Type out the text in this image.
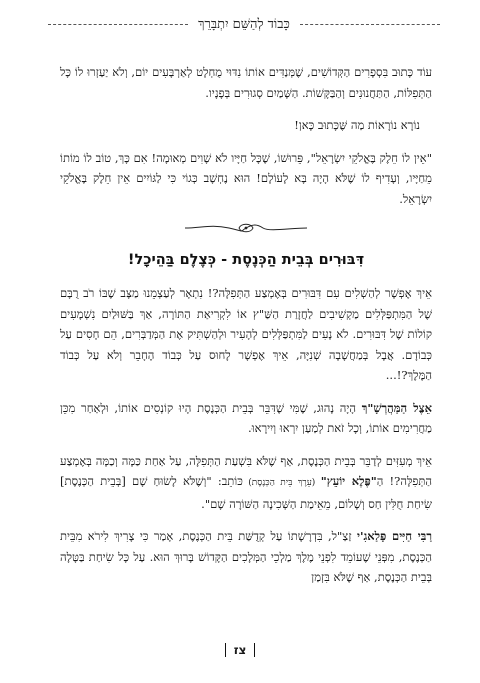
כָּבוֹד לְהַשֵּׁם יִתְבָּרֵךְ

עוֹד כָּתוּב בִּסְפָרִים הַקְּדוֹשִׁים, שֶׁמְּנַדִּים אוֹתוֹ נִדּוּי מֻחְלָט לְאַרְבָּעִים יוֹם, וְלֹא יַעַזְרוּ לוֹ כָּל הַתְּפִלּוֹת, הַתַּחֲנוּנִים וְהַבַּקָּשׁוֹת. הַשָּׁמַיִם סְגוּרִים בְּפָנָיו.

נוֹרָא נוֹרָאוֹת מַה שֶּׁכָּתוּב כָּאן!

"אֵין לוֹ חֵלֶק בֶּאֱלֹקֵי יִשְׂרָאֵל", פֵּרוּשׁוֹ, שֶׁכָּל חַיָּיו לֹא שָׁוִים מְאוּמָה! אִם כָּךְ, טוֹב לוֹ מוֹתוֹ מֵחַיָּיו, וְעָדִיף לוֹ שֶׁלֹּא הָיָה בָּא לָעוֹלָם! הוּא נֶחְשָׁב כְּגוֹי כִּי לַגּוֹיִים אֵין חֵלֶק בֶּאֱלֹקֵי יִשְׂרָאֵל.

דִּבּוּרִים בְּבֵית הַכְּנֶסֶת - כְּצֶלֶם בַּהֵיכָל!

אֵיךְ אֶפְשָׁר לְהַשְׁלִים עִם דִּבּוּרִים בְּאֶמְצַע הַתְּפִלָּה?! נִתְאָר לְעַצְמֵנוּ מַצָּב שֶׁבּוֹ רֹב רֻבָּם שֶׁל הַמִּתְפַּלְּלִים מַקְשִׁיבִים לַחֲזָרַת הַשַּׁ"ץ אוֹ לִקְרִיאַת הַתּוֹרָה, אַךְ בַּשּׁוּלַיִם נִשְׁמָעִים קוֹלוֹת שֶׁל דִּבּוּרִים. לֹא נָעִים לַמִּתְפַּלְּלִים לְהָעִיר וּלְהַשְׁתִּיק אֶת הַמְּדַבְּרִים, הֵם חָסִים עַל כְּבוֹדָם. אֲבָל בְּמַחֲשָׁבָה שְׁנִיָּה, אֵיךְ אֶפְשָׁר לָחוּס עַל כְּבוֹד הֶחָבֵר וְלֹא עַל כְּבוֹד הַמֶּלֶךְ?!...

אֵצֶל הַמַּהֲרְשָׁ"ךְ הָיָה נָהוּג, שֶׁמִּי שֶׁדִּבֵּר בְּבֵית הַכְּנֶסֶת הָיוּ קוֹנְסִים אוֹתוֹ, וּלְאַחַר מִכֵּן מַחֲרִימִים אוֹתוֹ, וְכָל זֹאת לְמַעַן יִרְאוּ וְיִירָאוּ.

אֵיךְ מְעִזִּים לְדַבֵּר בְּבֵית הַכְּנֶסֶת, אַף שֶׁלֹּא בִּשְׁעַת הַתְּפִלָּה, עַל אַחַת כַּמָּה וְכַמָּה בְּאֶמְצַע הַתְּפִלָּה?! הַ"פֶּלֶא יוֹעֵץ" (עֵרֶךְ בֵּית הַכְּנֶסֶת) כּוֹתֵב: "וְשֶׁלֹּא לָשׂוּחַ שָׁם [בְּבֵית הַכְּנֶסֶת] שִׂיחַת חֻלִּין חַס וְשָׁלוֹם, מֵאֵימַת הַשְּׁכִינָה הַשּׁוֹרָה שָׁם".

רַבִּי חַיִּים פָּלַאגִ'י זַצַ"ל, בִּדְרָשָׁתוֹ עַל קְדֻשַּׁת בֵּית הַכְּנֶסֶת, אָמַר כִּי צָרִיךְ לִירֹא מִבֵּית הַכְּנֶסֶת, מִפְּנֵי שֶׁעוֹמֵד לִפְנֵי מֶלֶךְ מַלְכֵי הַמְּלָכִים הַקָּדוֹשׁ בָּרוּךְ הוּא. עַל כָּל שִׂיחַת בַּטָּלָה בְּבֵית הַכְּנֶסֶת, אַף שֶׁלֹּא בִּזְמַן

צז
